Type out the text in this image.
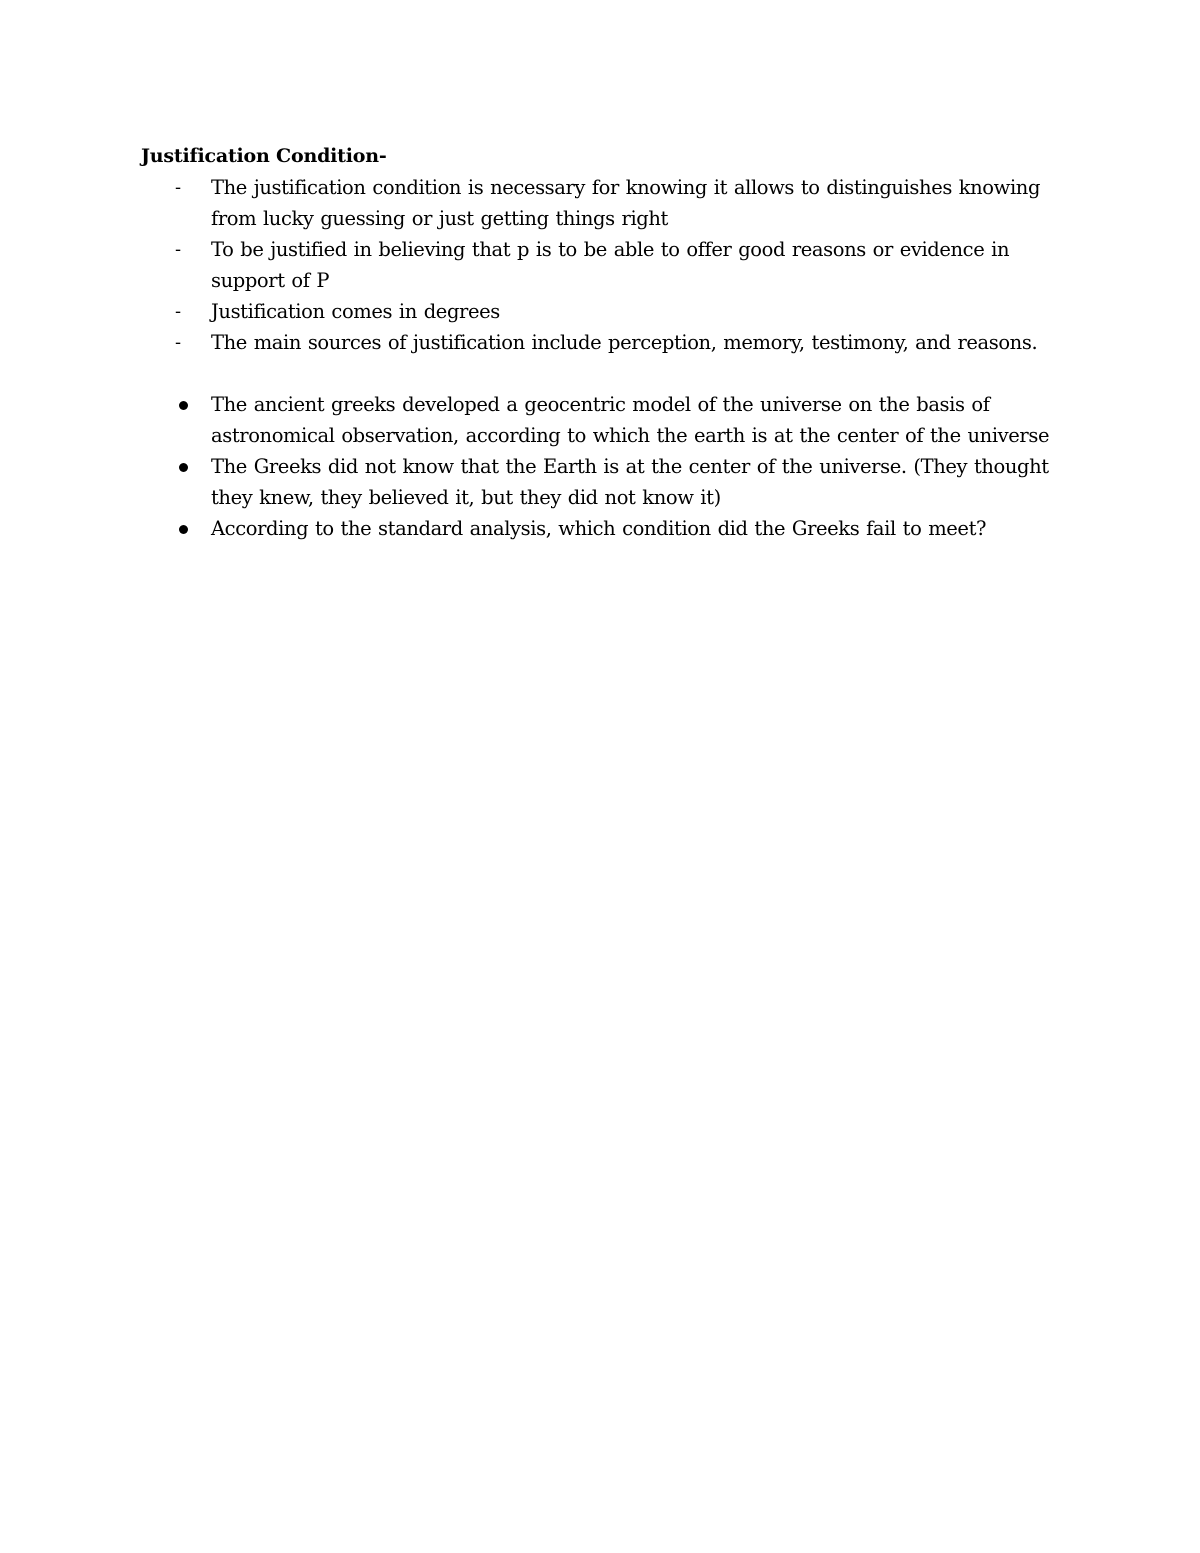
Justification Condition-

-	The justification condition is necessary for knowing it allows to distinguishes knowing from lucky guessing or just getting things right
-	To be justified in believing that p is to be able to offer good reasons or evidence in support of P
-	Justification comes in degrees
-	The main sources of justification include perception, memory, testimony, and reasons.
The ancient greeks developed a geocentric model of the universe on the basis of astronomical observation, according to which the earth is at the center of the universe
The Greeks did not know that the Earth is at the center of the universe. (They thought they knew, they believed it, but they did not know it)
According to the standard analysis, which condition did the Greeks fail to meet?
